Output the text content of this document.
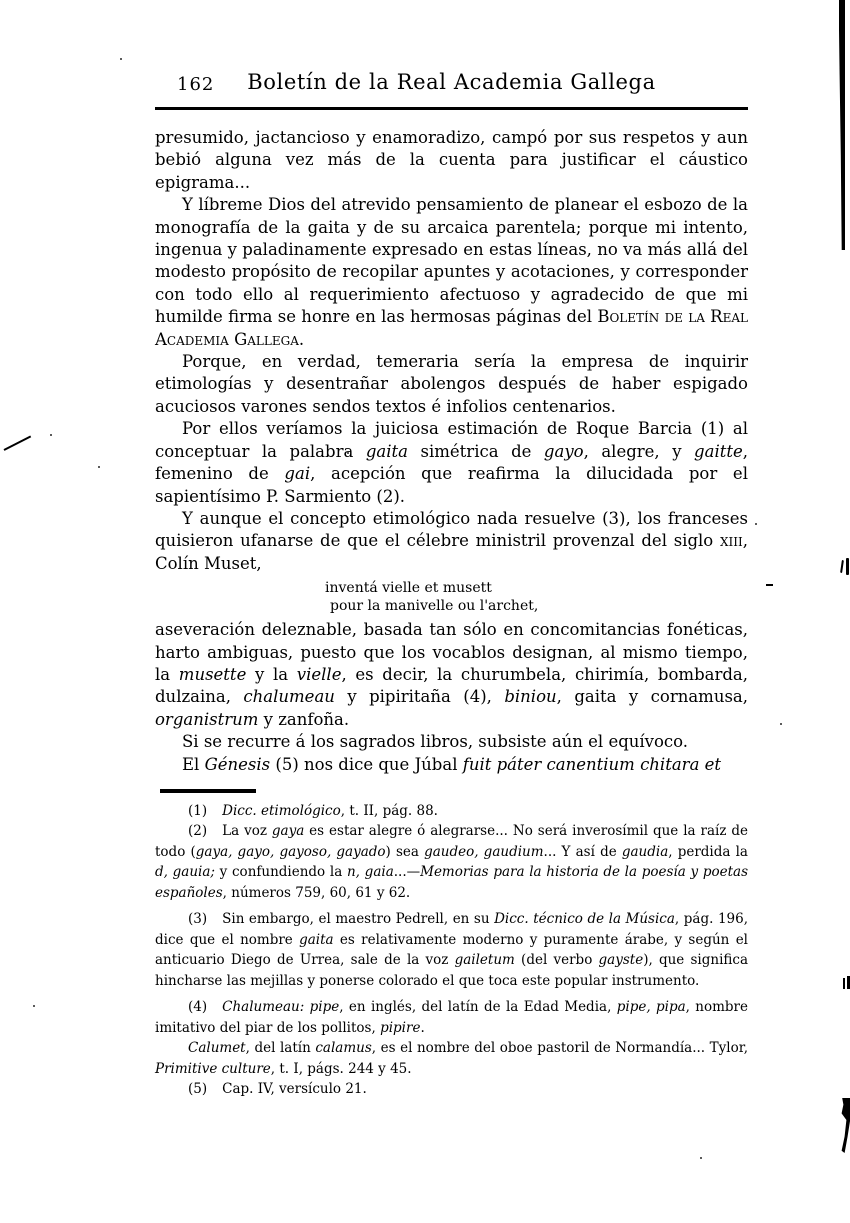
162	Boletín de la Real Academia Gallega

presumido, jactancioso y enamoradizo, campó por sus respetos y aun bebió alguna vez más de la cuenta para justificar el cáustico epigrama...

Y líbreme Dios del atrevido pensamiento de planear el esbozo de la monografía de la gaita y de su arcaica parentela; porque mi intento, ingenua y paladinamente expresado en estas líneas, no va más allá del modesto propósito de recopilar apuntes y acotaciones, y corresponder con todo ello al requerimiento afectuoso y agradecido de que mi humilde firma se honre en las hermosas páginas del Boletín de la Real Academia Gallega.

Porque, en verdad, temeraria sería la empresa de inquirir etimologías y desentrañar abolengos después de haber espigado acuciosos varones sendos textos é infolios centenarios.

Por ellos veríamos la juiciosa estimación de Roque Barcia (1) al conceptuar la palabra gaita simétrica de gayo, alegre, y gaitte, femenino de gai, acepción que reafirma la dilucidada por el sapientísimo P. Sarmiento (2).

Y aunque el concepto etimológico nada resuelve (3), los franceses quisieron ufanarse de que el célebre ministril provenzal del siglo xiii, Colín Muset,

inventá vielle et musett
pour la manivelle ou l'archet,

aseveración deleznable, basada tan sólo en concomitancias fonéticas, harto ambiguas, puesto que los vocablos designan, al mismo tiempo, la musette y la vielle, es decir, la churumbela, chirimía, bombarda, dulzaina, chalumeau y pipiritaña (4), biniou, gaita y cornamusa, organistrum y zanfoña.

Si se recurre á los sagrados libros, subsiste aún el equívoco.

El Génesis (5) nos dice que Júbal fuit páter canentium chitara et

(1) Dicc. etimológico, t. II, pág. 88.

(2) La voz gaya es estar alegre ó alegrarse... No será inverosímil que la raíz de todo (gaya, gayo, gayoso, gayado) sea gaudeo, gaudium... Y así de gaudia, perdida la d, gauia; y confundiendo la n, gaia...—Memorias para la historia de la poesía y poetas españoles, números 759, 60, 61 y 62.

(3) Sin embargo, el maestro Pedrell, en su Dicc. técnico de la Música, pág. 196, dice que el nombre gaita es relativamente moderno y puramente árabe, y según el anticuario Diego de Urrea, sale de la voz gailetum (del verbo gayste), que significa hincharse las mejillas y ponerse colorado el que toca este popular instrumento.

(4) Chalumeau: pipe, en inglés, del latín de la Edad Media, pipe, pipa, nombre imitativo del piar de los pollitos, pipire.

Calumet, del latín calamus, es el nombre del oboe pastoril de Normandía... Tylor, Primitive culture, t. I, págs. 244 y 45.

(5) Cap. IV, versículo 21.
